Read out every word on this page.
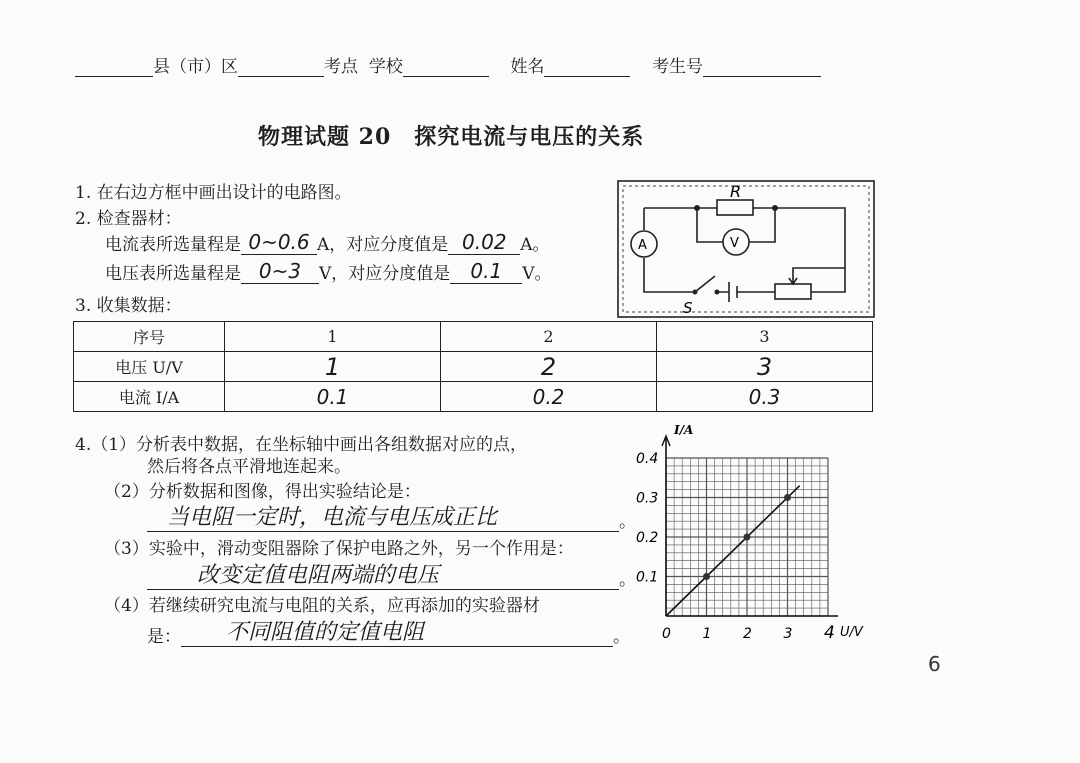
县（市）区	考点 学校	姓名	考生号
物理试题 20　探究电流与电压的关系
1. 在右边方框中画出设计的电路图。
2. 检查器材：
电流表所选量程是 0~0.6 A，对应分度值是 0.02 A。
电压表所选量程是 0~3 V，对应分度值是 0.1 V。
3. 收集数据：
R
V
A
S
序号	1	2	3
电压 U/V	1	2	3
电流 I/A	0.1	0.2	0.3
4.（1）分析表中数据，在坐标轴中画出各组数据对应的点，
然后将各点平滑地连起来。
（2）分析数据和图像，得出实验结论是：
当电阻一定时，电流与电压成正比	。
（3）实验中，滑动变阻器除了保护电路之外，另一个作用是：
改变定值电阻两端的电压	。
（4）若继续研究电流与电阻的关系，应再添加的实验器材
是： 不同阻值的定值电阻	。
I/A
U/V
0 1 2 3 4
0.1
0.2
0.3
0.4
6
